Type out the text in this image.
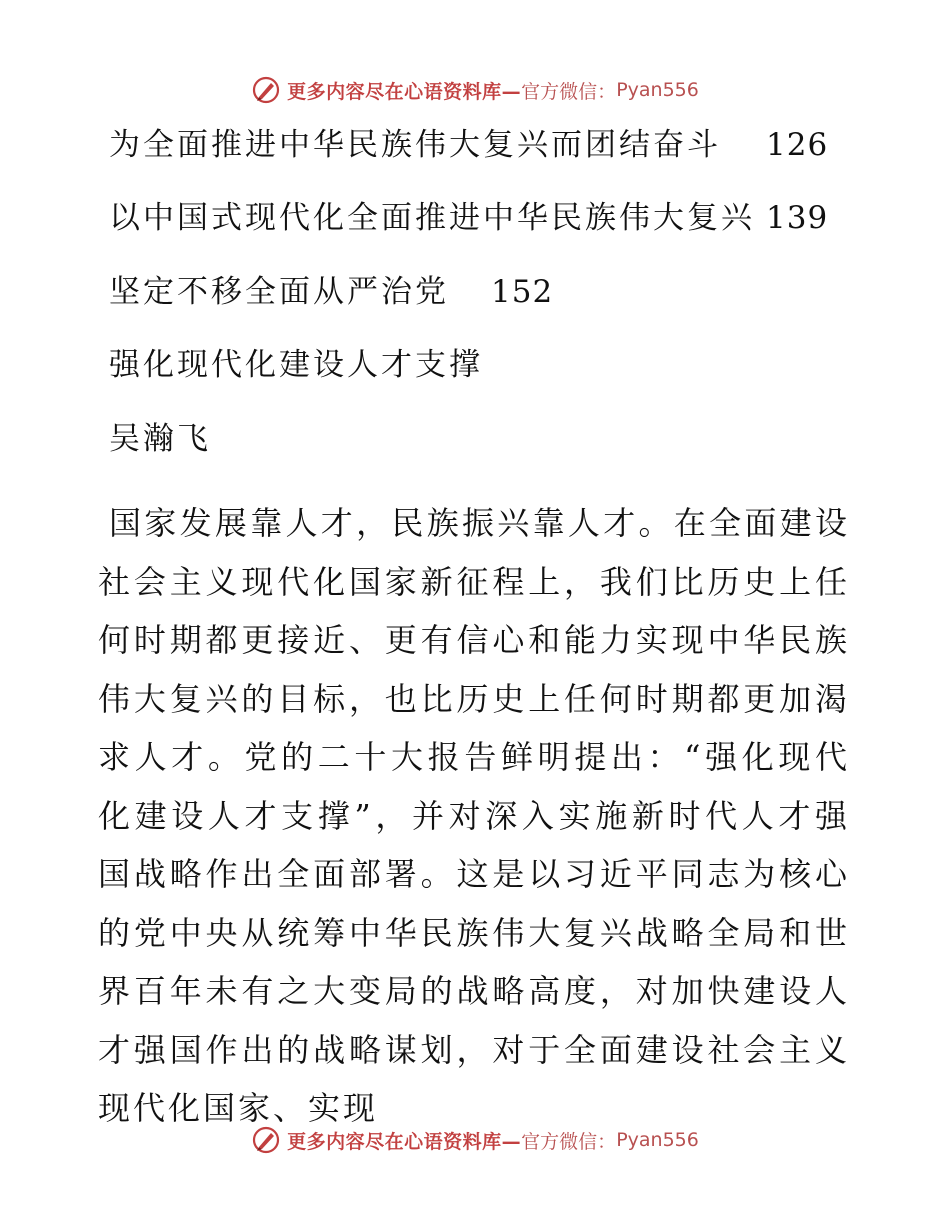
更多内容尽在心语资料库— 官方微信： Pyan556
为全面推进中华民族伟大复兴而团结奋斗 126
以中国式现代化全面推进中华民族伟大复兴 139
坚定不移全面从严治党 152
强化现代化建设人才支撑
吴瀚飞
国家发展靠人才，民族振兴靠人才。在全面建设社会主义现代化国家新征程上，我们比历史上任何时期都更接近、更有信心和能力实现中华民族伟大复兴的目标，也比历史上任何时期都更加渴求人才。党的二十大报告鲜明提出：“强化现代化建设人才支撑”，并对深入实施新时代人才强国战略作出全面部署。这是以习近平同志为核心的党中央从统筹中华民族伟大复兴战略全局和世界百年未有之大变局的战略高度，对加快建设人才强国作出的战略谋划，对于全面建设社会主义现代化国家、实现
更多内容尽在心语资料库— 官方微信： Pyan556
